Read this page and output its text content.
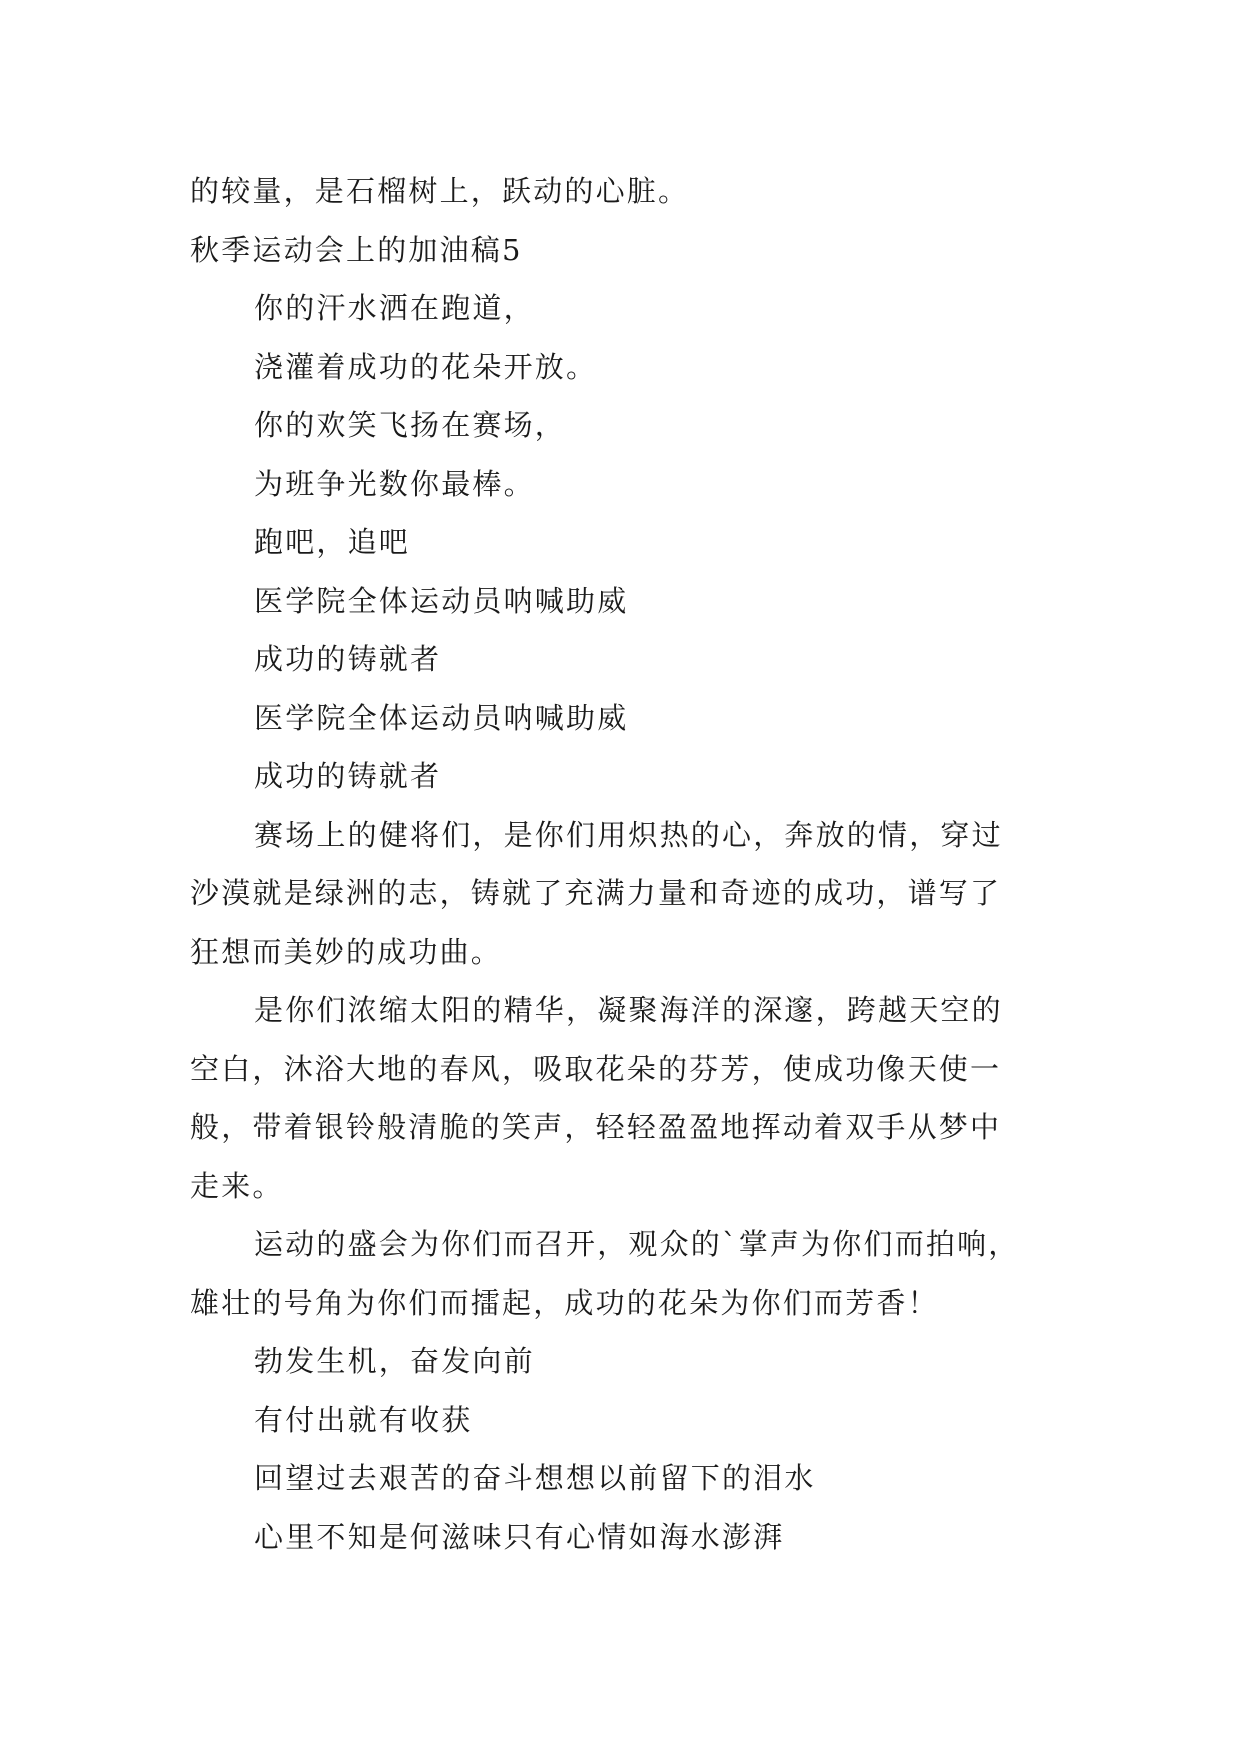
的较量，是石榴树上，跃动的心脏。
秋季运动会上的加油稿5
你的汗水洒在跑道，
浇灌着成功的花朵开放。
你的欢笑飞扬在赛场，
为班争光数你最棒。
跑吧，追吧
医学院全体运动员呐喊助威
成功的铸就者
医学院全体运动员呐喊助威
成功的铸就者
赛场上的健将们，是你们用炽热的心，奔放的情，穿过
沙漠就是绿洲的志，铸就了充满力量和奇迹的成功，谱写了
狂想而美妙的成功曲。
是你们浓缩太阳的精华，凝聚海洋的深邃，跨越天空的
空白，沐浴大地的春风，吸取花朵的芬芳，使成功像天使一
般，带着银铃般清脆的笑声，轻轻盈盈地挥动着双手从梦中
走来。
运动的盛会为你们而召开，观众的`掌声为你们而拍响，
雄壮的号角为你们而擂起，成功的花朵为你们而芳香！
勃发生机，奋发向前
有付出就有收获
回望过去艰苦的奋斗想想以前留下的泪水
心里不知是何滋味只有心情如海水澎湃
